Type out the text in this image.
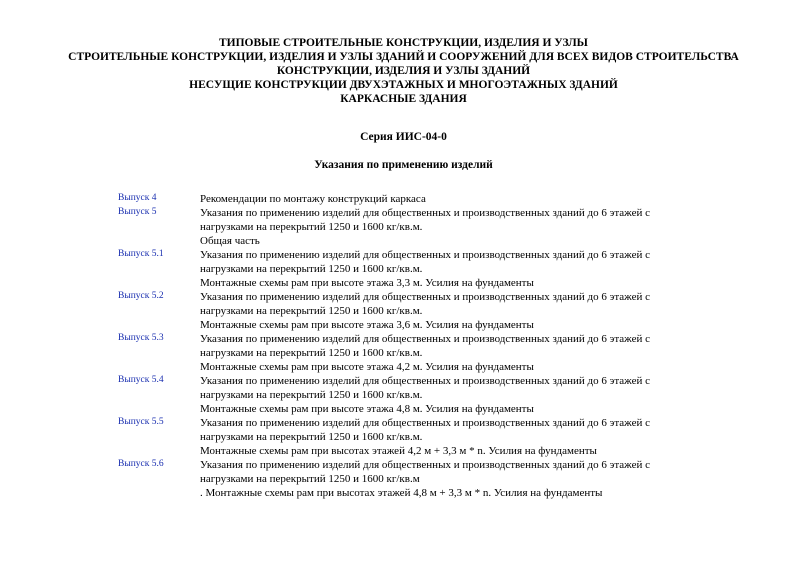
ТИПОВЫЕ СТРОИТЕЛЬНЫЕ КОНСТРУКЦИИ, ИЗДЕЛИЯ И УЗЛЫ
СТРОИТЕЛЬНЫЕ КОНСТРУКЦИИ, ИЗДЕЛИЯ И УЗЛЫ ЗДАНИЙ И СООРУЖЕНИЙ ДЛЯ ВСЕХ ВИДОВ СТРОИТЕЛЬСТВА
КОНСТРУКЦИИ, ИЗДЕЛИЯ И УЗЛЫ ЗДАНИЙ
НЕСУЩИЕ КОНСТРУКЦИИ ДВУХЭТАЖНЫХ И МНОГОЭТАЖНЫХ ЗДАНИЙ
КАРКАСНЫЕ ЗДАНИЯ
Серия ИИС-04-0
Указания по применению изделий
Выпуск 4	Рекомендации по монтажу конструкций каркаса
Выпуск 5	Указания по применению изделий для общественных и производственных зданий до 6 этажей с
нагрузками на перекрытий 1250 и 1600 кг/кв.м.
Общая часть
Выпуск 5.1	Указания по применению изделий для общественных и производственных зданий до 6 этажей с
нагрузками на перекрытий 1250 и 1600 кг/кв.м.
Монтажные схемы рам при высоте этажа 3,3 м. Усилия на фундаменты
Выпуск 5.2	Указания по применению изделий для общественных и производственных зданий до 6 этажей с
нагрузками на перекрытий 1250 и 1600 кг/кв.м.
Монтажные схемы рам при высоте этажа 3,6 м. Усилия на фундаменты
Выпуск 5.3	Указания по применению изделий для общественных и производственных зданий до 6 этажей с
нагрузками на перекрытий 1250 и 1600 кг/кв.м.
Монтажные схемы рам при высоте этажа 4,2 м. Усилия на фундаменты
Выпуск 5.4	Указания по применению изделий для общественных и производственных зданий до 6 этажей с
нагрузками на перекрытий 1250 и 1600 кг/кв.м.
Монтажные схемы рам при высоте этажа 4,8 м. Усилия на фундаменты
Выпуск 5.5	Указания по применению изделий для общественных и производственных зданий до 6 этажей с
нагрузками на перекрытий 1250 и 1600 кг/кв.м.
Монтажные схемы рам при высотах этажей 4,2 м + 3,3 м * n. Усилия на фундаменты
Выпуск 5.6	Указания по применению изделий для общественных и производственных зданий до 6 этажей с
нагрузками на перекрытий 1250 и 1600 кг/кв.м
. Монтажные схемы рам при высотах этажей 4,8 м + 3,3 м * n. Усилия на фундаменты
